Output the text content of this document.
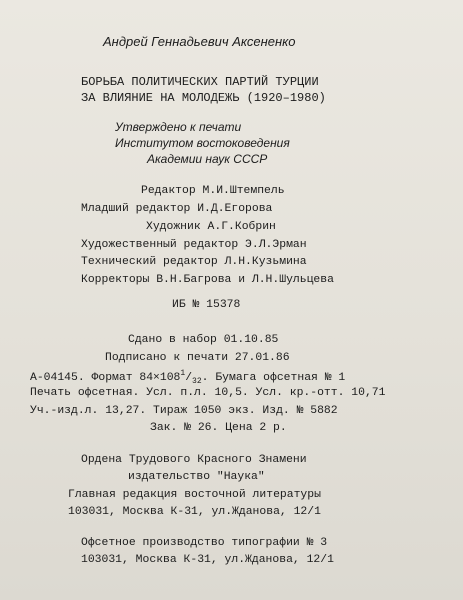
Андрей Геннадьевич Аксененко
БОРЬБА ПОЛИТИЧЕСКИХ ПАРТИЙ ТУРЦИИ
ЗА ВЛИЯНИЕ НА МОЛОДЕЖЬ (1920–1980)
Утверждено к печати
Институтом востоковедения
Академии наук СССР
Редактор М.И.Штемпель
Младший редактор И.Д.Егорова
Художник А.Г.Кобрин
Художественный редактор Э.Л.Эрман
Технический редактор Л.Н.Кузьмина
Корректоры В.Н.Багрова и Л.Н.Шульцева
ИБ № 15378
Сдано в набор 01.10.85
Подписано к печати 27.01.86
А-04145. Формат $84\times 108^1/_{32}$. Бумага офсетная № 1
Печать офсетная. Усл. п.л. 10,5. Усл. кр.-отт. 10,71
Уч.-изд.л. 13,27. Тираж 1050 экз. Изд. № 5882
Зак. № 26. Цена 2 р.
Ордена Трудового Красного Знамени
издательство "Наука"
Главная редакция восточной литературы
103031, Москва К-31, ул.Жданова, 12/1
Офсетное производство типографии № 3
103031, Москва К-31, ул.Жданова, 12/1
